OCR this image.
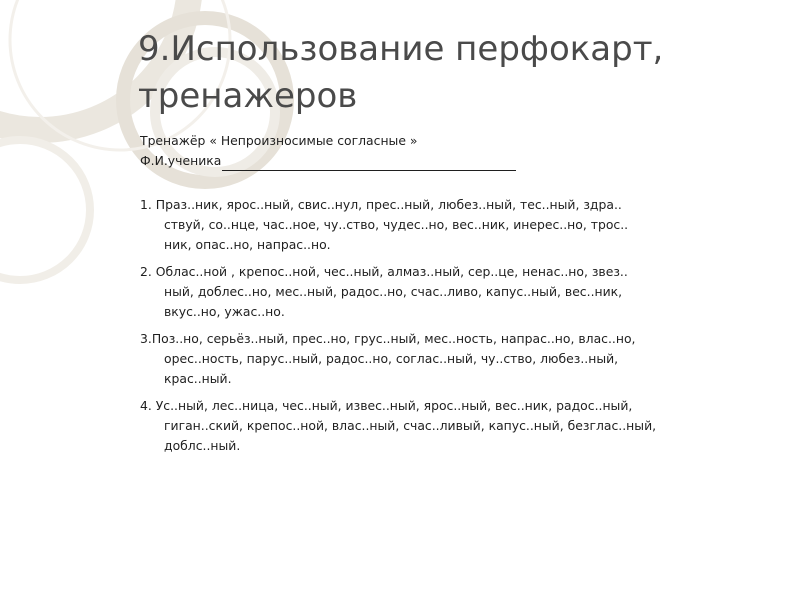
9.Использование перфокарт,
тренажеров

Тренажёр « Непроизносимые согласные »

Ф.И.ученика

1. Праз..ник, ярос..ный, свис..нул, прес..ный, любез..ный, тес..ный, здра..

ствуй, со..нце, час..ное, чу..ство, чудес..но, вес..ник, инерес..но, трос..

ник, опас..но, напрас..но.

2. Облас..ной , крепос..ной, чес..ный, алмаз..ный, сер..це, ненас..но, звез..

ный, доблес..но, мес..ный, радос..но, счас..ливо, капус..ный, вес..ник,

вкус..но, ужас..но.

3.Поз..но, серьёз..ный, прес..но, грус..ный, мес..ность, напрас..но, влас..но,

орес..ность, парус..ный, радос..но, соглас..ный, чу..ство, любез..ный,

крас..ный.

4. Ус..ный, лес..ница, чес..ный, извес..ный, ярос..ный, вес..ник, радос..ный,

гиган..ский, крепос..ной, влас..ный, счас..ливый, капус..ный, безглас..ный,

доблс..ный.
